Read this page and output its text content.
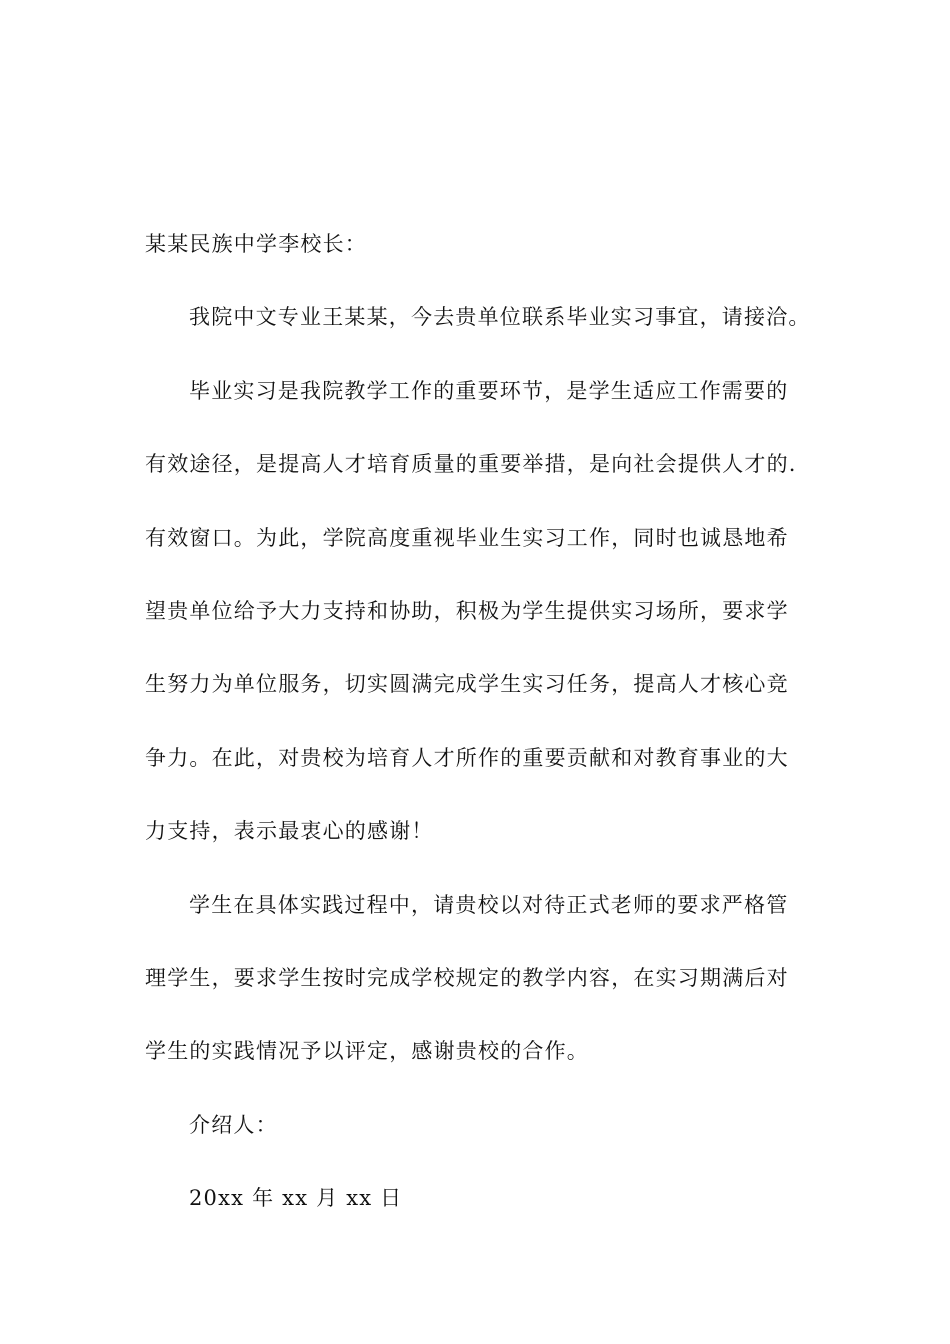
某某民族中学李校长：
我院中文专业王某某，今去贵单位联系毕业实习事宜，请接洽。
毕业实习是我院教学工作的重要环节，是学生适应工作需要的
有效途径，是提高人才培育质量的重要举措，是向社会提供人才的.
有效窗口。为此，学院高度重视毕业生实习工作，同时也诚恳地希
望贵单位给予大力支持和协助，积极为学生提供实习场所，要求学
生努力为单位服务，切实圆满完成学生实习任务，提高人才核心竞
争力。在此，对贵校为培育人才所作的重要贡献和对教育事业的大
力支持，表示最衷心的感谢！
学生在具体实践过程中，请贵校以对待正式老师的要求严格管
理学生，要求学生按时完成学校规定的教学内容，在实习期满后对
学生的实践情况予以评定，感谢贵校的合作。
介绍人：
20xx 年 xx 月 xx 日
